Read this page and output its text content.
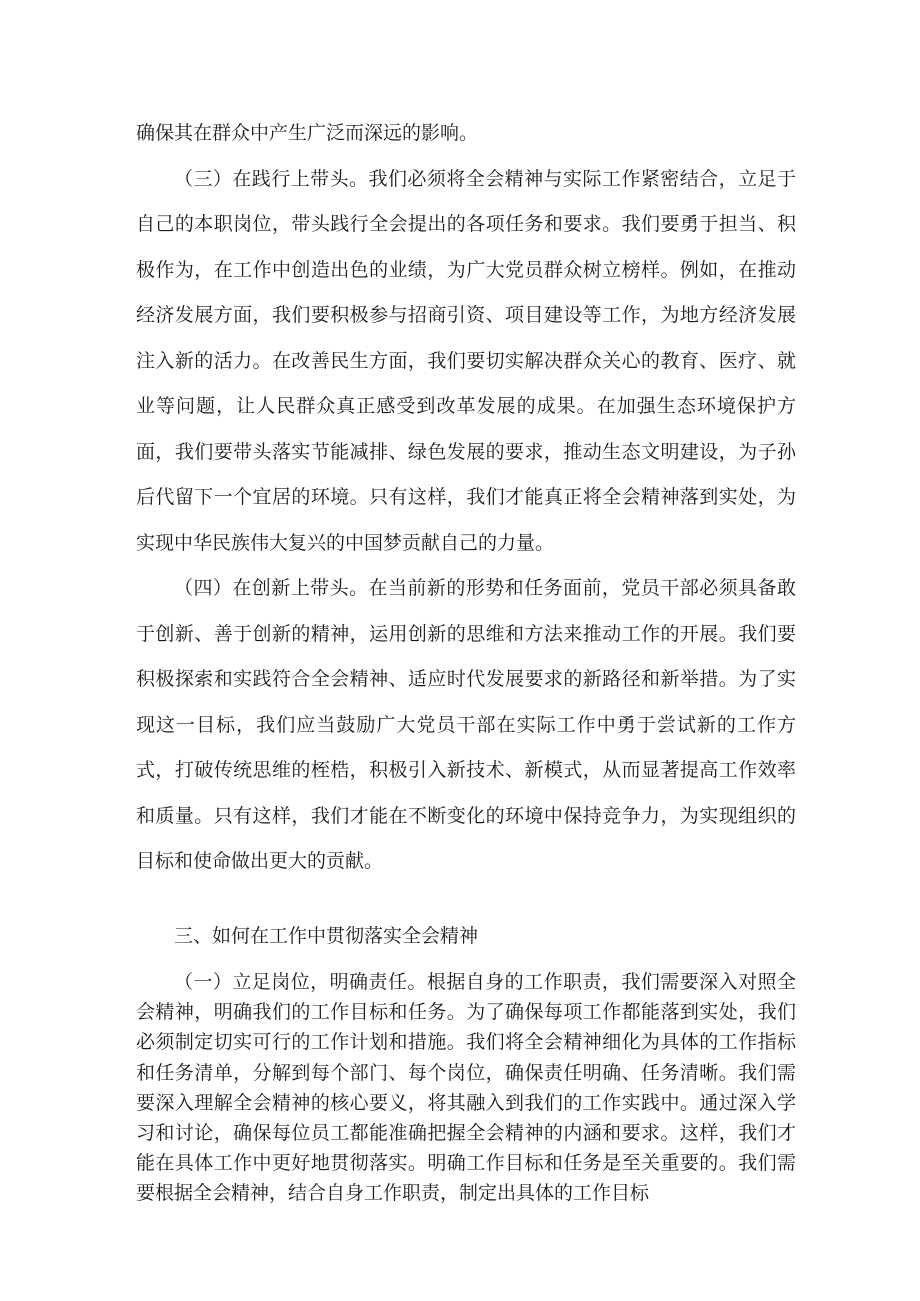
确保其在群众中产生广泛而深远的影响。

（三）在践行上带头。我们必须将全会精神与实际工作紧密结合，立足于自己的本职岗位，带头践行全会提出的各项任务和要求。我们要勇于担当、积极作为，在工作中创造出色的业绩，为广大党员群众树立榜样。例如，在推动经济发展方面，我们要积极参与招商引资、项目建设等工作，为地方经济发展注入新的活力。在改善民生方面，我们要切实解决群众关心的教育、医疗、就业等问题，让人民群众真正感受到改革发展的成果。在加强生态环境保护方面，我们要带头落实节能减排、绿色发展的要求，推动生态文明建设，为子孙后代留下一个宜居的环境。只有这样，我们才能真正将全会精神落到实处，为实现中华民族伟大复兴的中国梦贡献自己的力量。

（四）在创新上带头。在当前新的形势和任务面前，党员干部必须具备敢于创新、善于创新的精神，运用创新的思维和方法来推动工作的开展。我们要积极探索和实践符合全会精神、适应时代发展要求的新路径和新举措。为了实现这一目标，我们应当鼓励广大党员干部在实际工作中勇于尝试新的工作方式，打破传统思维的桎梏，积极引入新技术、新模式，从而显著提高工作效率和质量。只有这样，我们才能在不断变化的环境中保持竞争力，为实现组织的目标和使命做出更大的贡献。

三、如何在工作中贯彻落实全会精神

（一）立足岗位，明确责任。根据自身的工作职责，我们需要深入对照全会精神，明确我们的工作目标和任务。为了确保每项工作都能落到实处，我们必须制定切实可行的工作计划和措施。我们将全会精神细化为具体的工作指标和任务清单，分解到每个部门、每个岗位，确保责任明确、任务清晰。我们需要深入理解全会精神的核心要义，将其融入到我们的工作实践中。通过深入学习和讨论，确保每位员工都能准确把握全会精神的内涵和要求。这样，我们才能在具体工作中更好地贯彻落实。明确工作目标和任务是至关重要的。我们需要根据全会精神，结合自身工作职责，制定出具体的工作目标
